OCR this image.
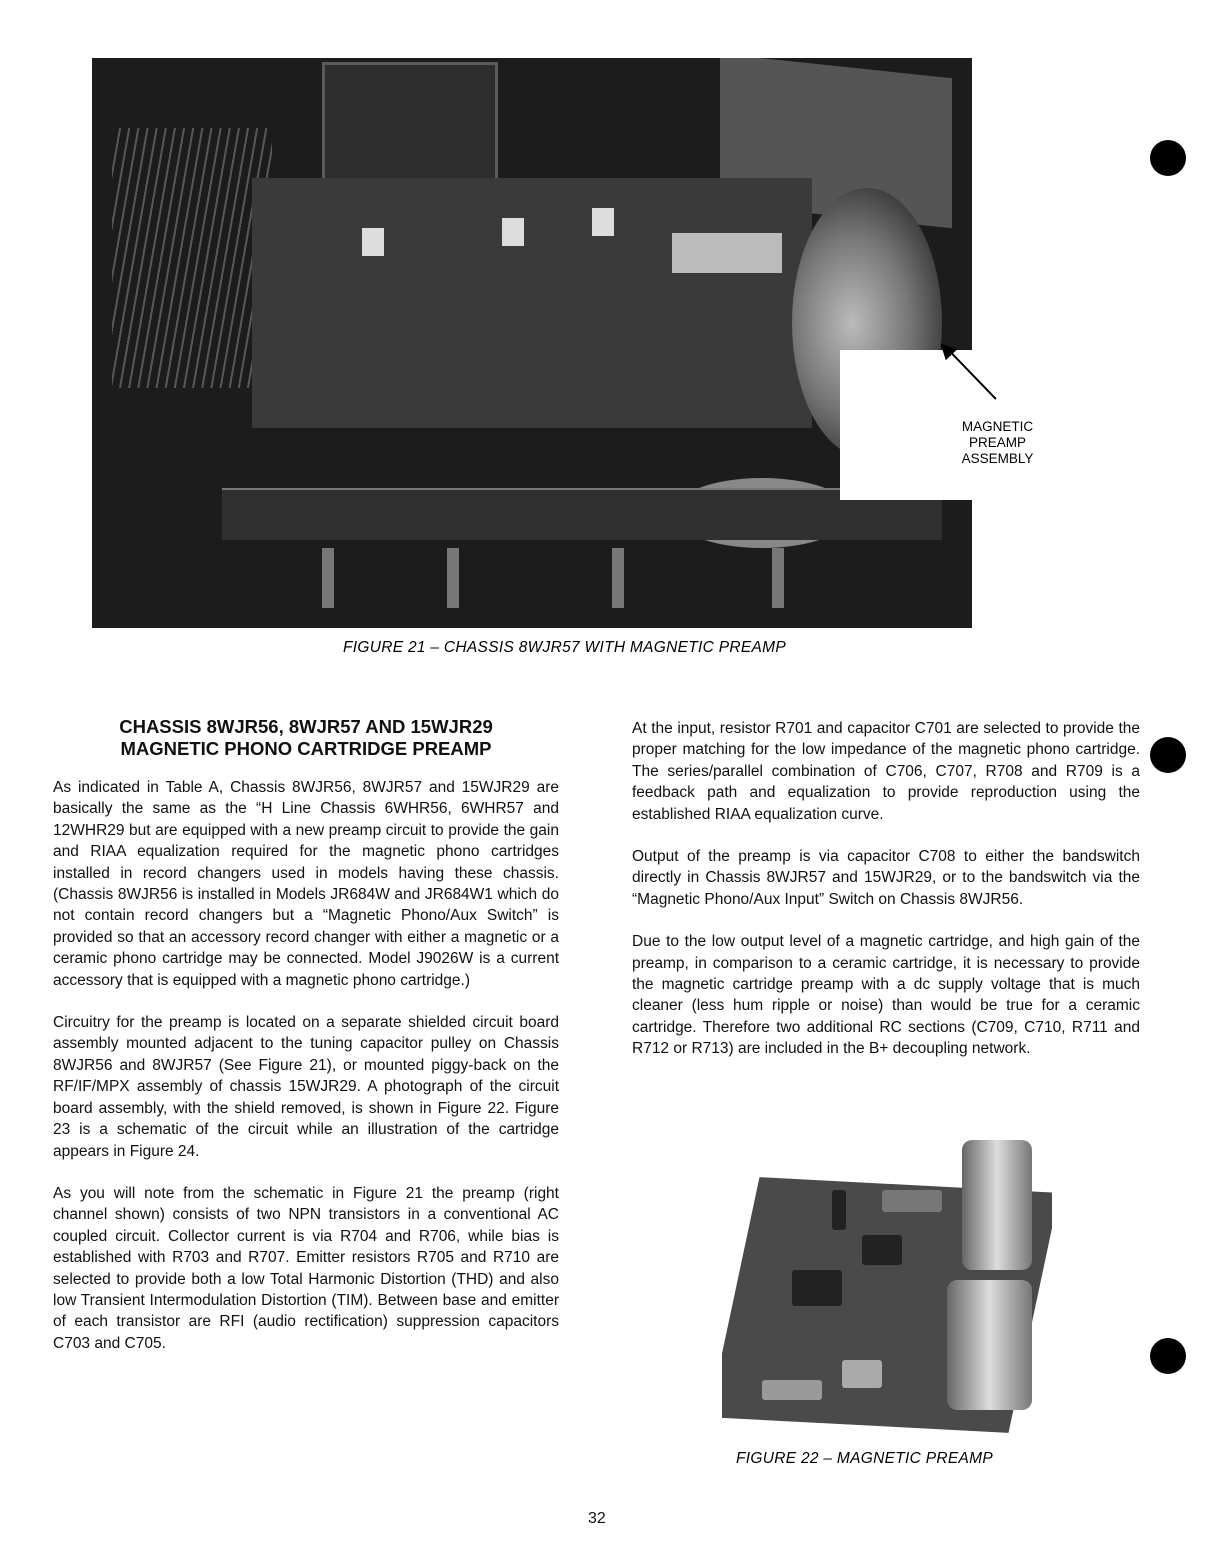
MAGNETIC
PREAMP
ASSEMBLY
FIGURE 21 – CHASSIS 8WJR57 WITH MAGNETIC PREAMP

CHASSIS 8WJR56, 8WJR57 AND 15WJR29
MAGNETIC PHONO CARTRIDGE PREAMP

As indicated in Table A, Chassis 8WJR56, 8WJR57 and 15WJR29 are basically the same as the “H Line Chassis 6WHR56, 6WHR57 and 12WHR29 but are equipped with a new preamp circuit to provide the gain and RIAA equalization required for the magnetic phono cartridges installed in record changers used in models having these chassis. (Chassis 8WJR56 is installed in Models JR684W and JR684W1 which do not contain record changers but a “Magnetic Phono/Aux Switch” is provided so that an accessory record changer with either a magnetic or a ceramic phono cartridge may be connected. Model J9026W is a current accessory that is equipped with a magnetic phono cartridge.)

Circuitry for the preamp is located on a separate shielded circuit board assembly mounted adjacent to the tuning capacitor pulley on Chassis 8WJR56 and 8WJR57 (See Figure 21), or mounted piggy-back on the RF/IF/MPX assembly of chassis 15WJR29. A photograph of the circuit board assembly, with the shield removed, is shown in Figure 22. Figure 23 is a schematic of the circuit while an illustration of the cartridge appears in Figure 24.

As you will note from the schematic in Figure 21 the preamp (right channel shown) consists of two NPN transistors in a conventional AC coupled circuit. Collector current is via R704 and R706, while bias is established with R703 and R707. Emitter resistors R705 and R710 are selected to provide both a low Total Harmonic Distortion (THD) and also low Transient Intermodulation Distortion (TIM). Between base and emitter of each transistor are RFI (audio rectification) suppression capacitors C703 and C705.

At the input, resistor R701 and capacitor C701 are selected to provide the proper matching for the low impedance of the magnetic phono cartridge. The series/parallel combination of C706, C707, R708 and R709 is a feedback path and equalization to provide reproduction using the established RIAA equalization curve.

Output of the preamp is via capacitor C708 to either the bandswitch directly in Chassis 8WJR57 and 15WJR29, or to the bandswitch via the “Magnetic Phono/Aux Input” Switch on Chassis 8WJR56.

Due to the low output level of a magnetic cartridge, and high gain of the preamp, in comparison to a ceramic cartridge, it is necessary to provide the magnetic cartridge preamp with a dc supply voltage that is much cleaner (less hum ripple or noise) than would be true for a ceramic cartridge. Therefore two additional RC sections (C709, C710, R711 and R712 or R713) are included in the B+ decoupling network.

FIGURE 22 – MAGNETIC PREAMP
32
